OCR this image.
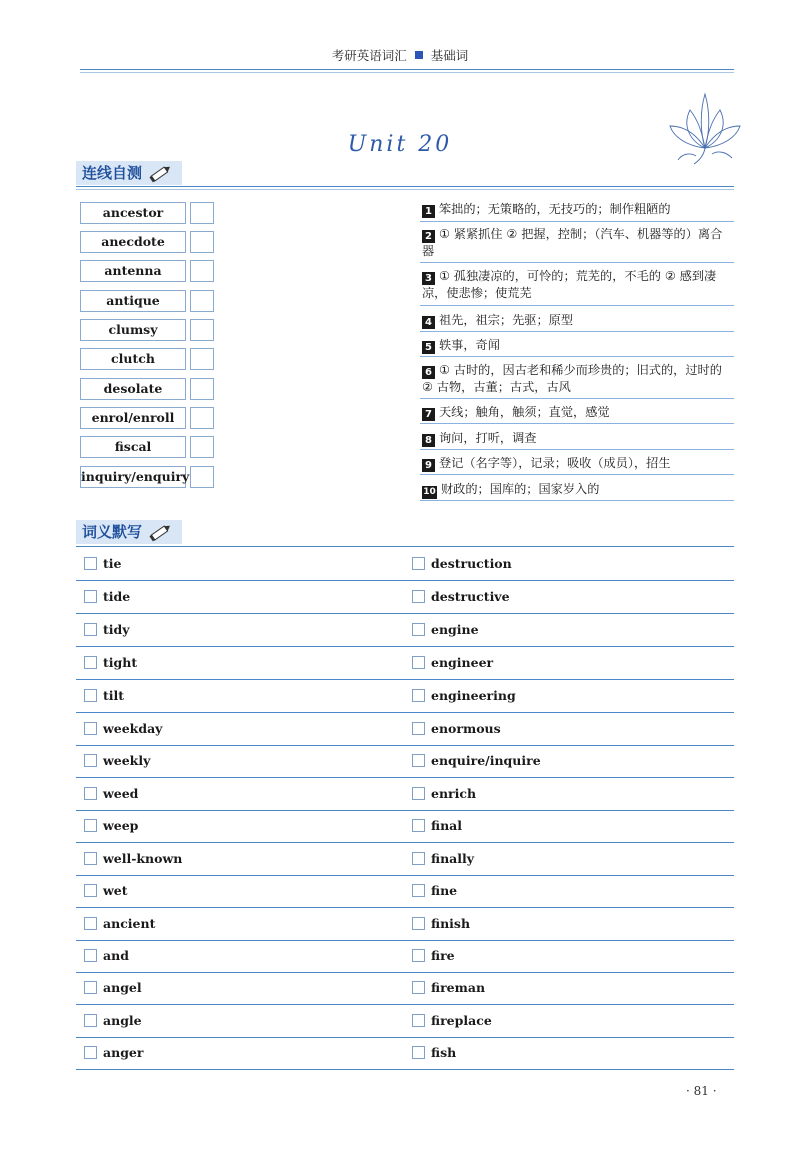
考研英语词汇 基础词
Unit 20
连线自测
ancestor
anecdote
antenna
antique
clumsy
clutch
desolate
enrol/enroll
fiscal
inquiry/enquiry
1 笨拙的；无策略的，无技巧的；制作粗陋的
2 ① 紧紧抓住 ② 把握，控制；（汽车、机器等的）离合器
3 ① 孤独凄凉的，可怜的；荒芜的，不毛的 ② 感到凄凉，使悲惨；使荒芜
4 祖先，祖宗；先驱；原型
5 轶事，奇闻
6 ① 古时的，因古老和稀少而珍贵的；旧式的，过时的 ② 古物，古董；古式，古风
7 天线；触角，触须；直觉，感觉
8 询问，打听，调查
9 登记（名字等），记录；吸收（成员），招生
10 财政的；国库的；国家岁入的
词义默写
tie	destruction
tide	destructive
tidy	engine
tight	engineer
tilt	engineering
weekday	enormous
weekly	enquire/inquire
weed	enrich
weep	final
well-known	finally
wet	fine
ancient	finish
and	fire
angel	fireman
angle	fireplace
anger	fish
· 81 ·
